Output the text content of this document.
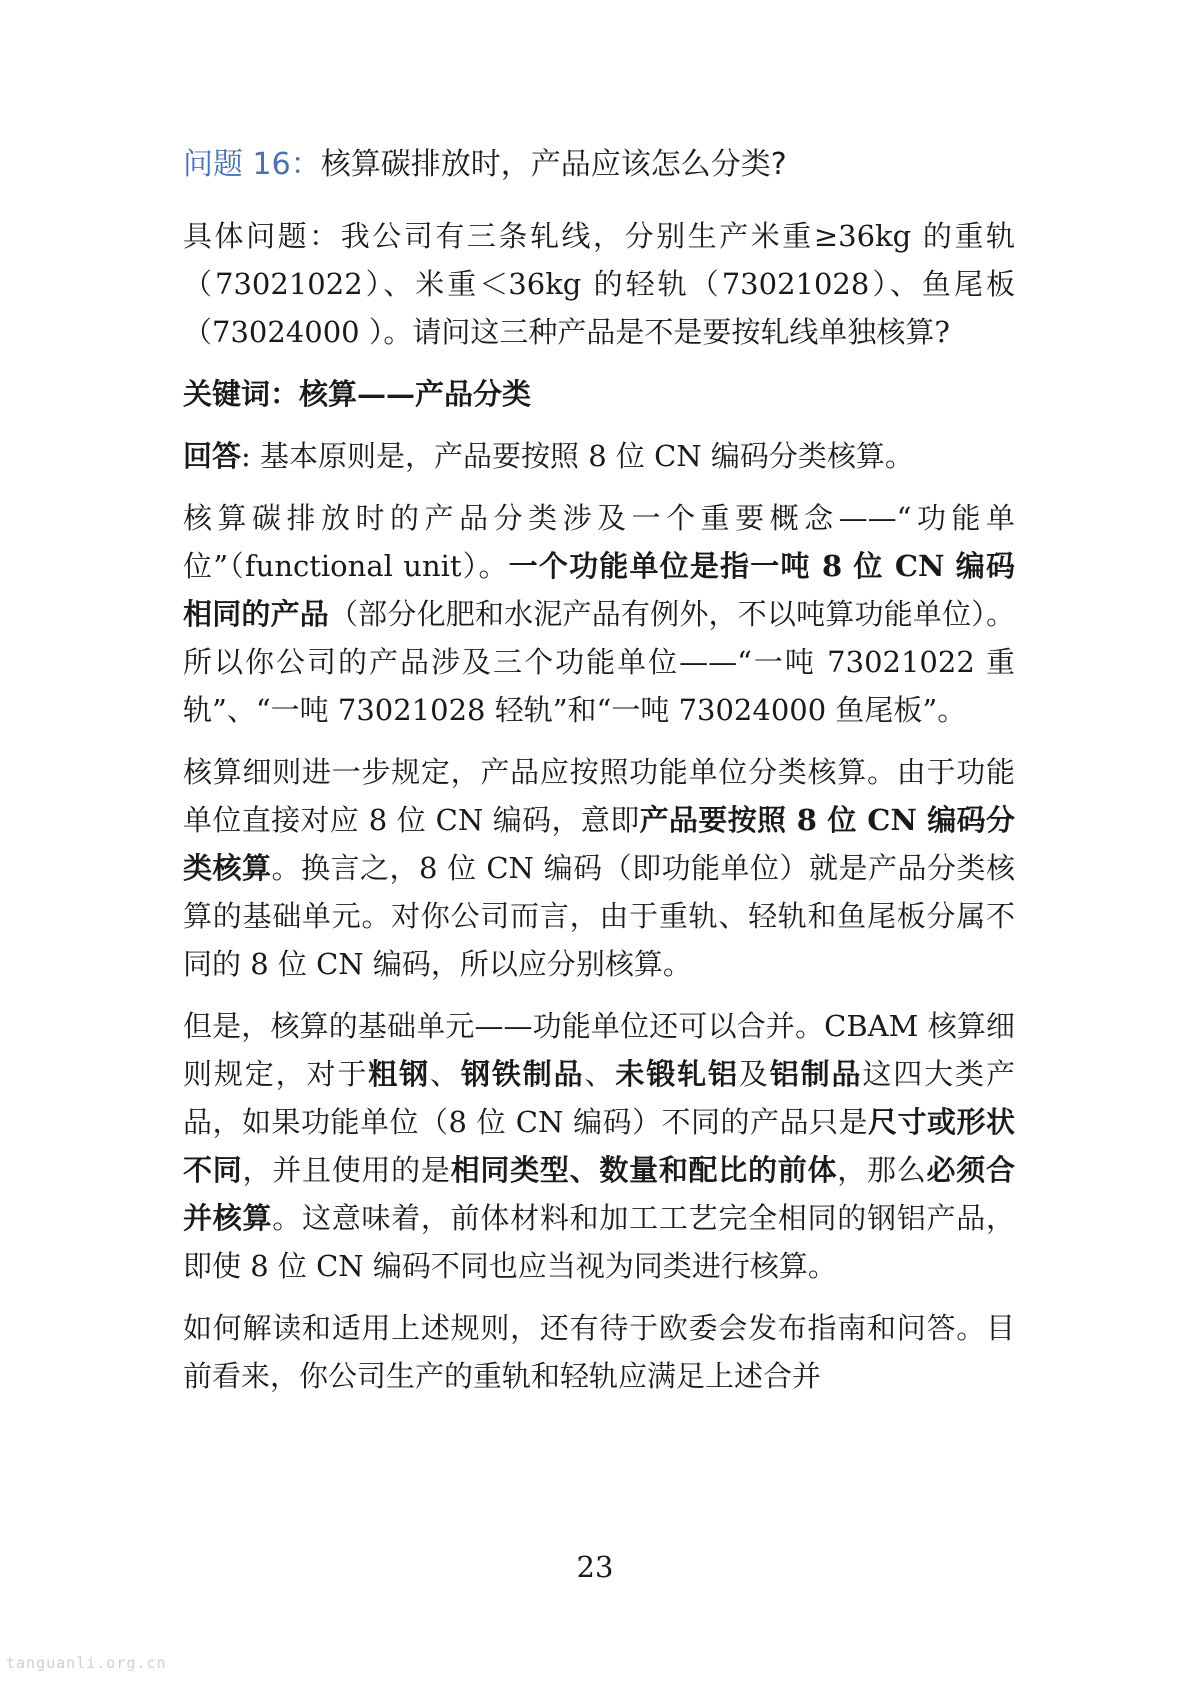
问题 16：核算碳排放时，产品应该怎么分类?

具体问题：我公司有三条轧线，分别生产米重≥36kg 的重轨（73021022）、米重＜36kg 的轻轨（73021028）、鱼尾板（73024000 ）。请问这三种产品是不是要按轧线单独核算?

关键词：核算——产品分类

回答: 基本原则是，产品要按照 8 位 CN 编码分类核算。

核算碳排放时的产品分类涉及一个重要概念——“功能单位”（functional unit）。一个功能单位是指一吨 8 位 CN 编码相同的产品（部分化肥和水泥产品有例外，不以吨算功能单位）。所以你公司的产品涉及三个功能单位——“一吨 73021022 重轨”、“一吨 73021028 轻轨”和“一吨 73024000 鱼尾板”。

核算细则进一步规定，产品应按照功能单位分类核算。由于功能单位直接对应 8 位 CN 编码，意即产品要按照 8 位 CN 编码分类核算。换言之，8 位 CN 编码（即功能单位）就是产品分类核算的基础单元。对你公司而言，由于重轨、轻轨和鱼尾板分属不同的 8 位 CN 编码，所以应分别核算。

但是，核算的基础单元——功能单位还可以合并。CBAM 核算细则规定，对于粗钢、钢铁制品、未锻轧铝及铝制品这四大类产品，如果功能单位（8 位 CN 编码）不同的产品只是尺寸或形状不同，并且使用的是相同类型、数量和配比的前体，那么必须合并核算。这意味着，前体材料和加工工艺完全相同的钢铝产品，即使 8 位 CN 编码不同也应当视为同类进行核算。

如何解读和适用上述规则，还有待于欧委会发布指南和问答。目前看来，你公司生产的重轨和轻轨应满足上述合并

23
tanguanli.org.cn
